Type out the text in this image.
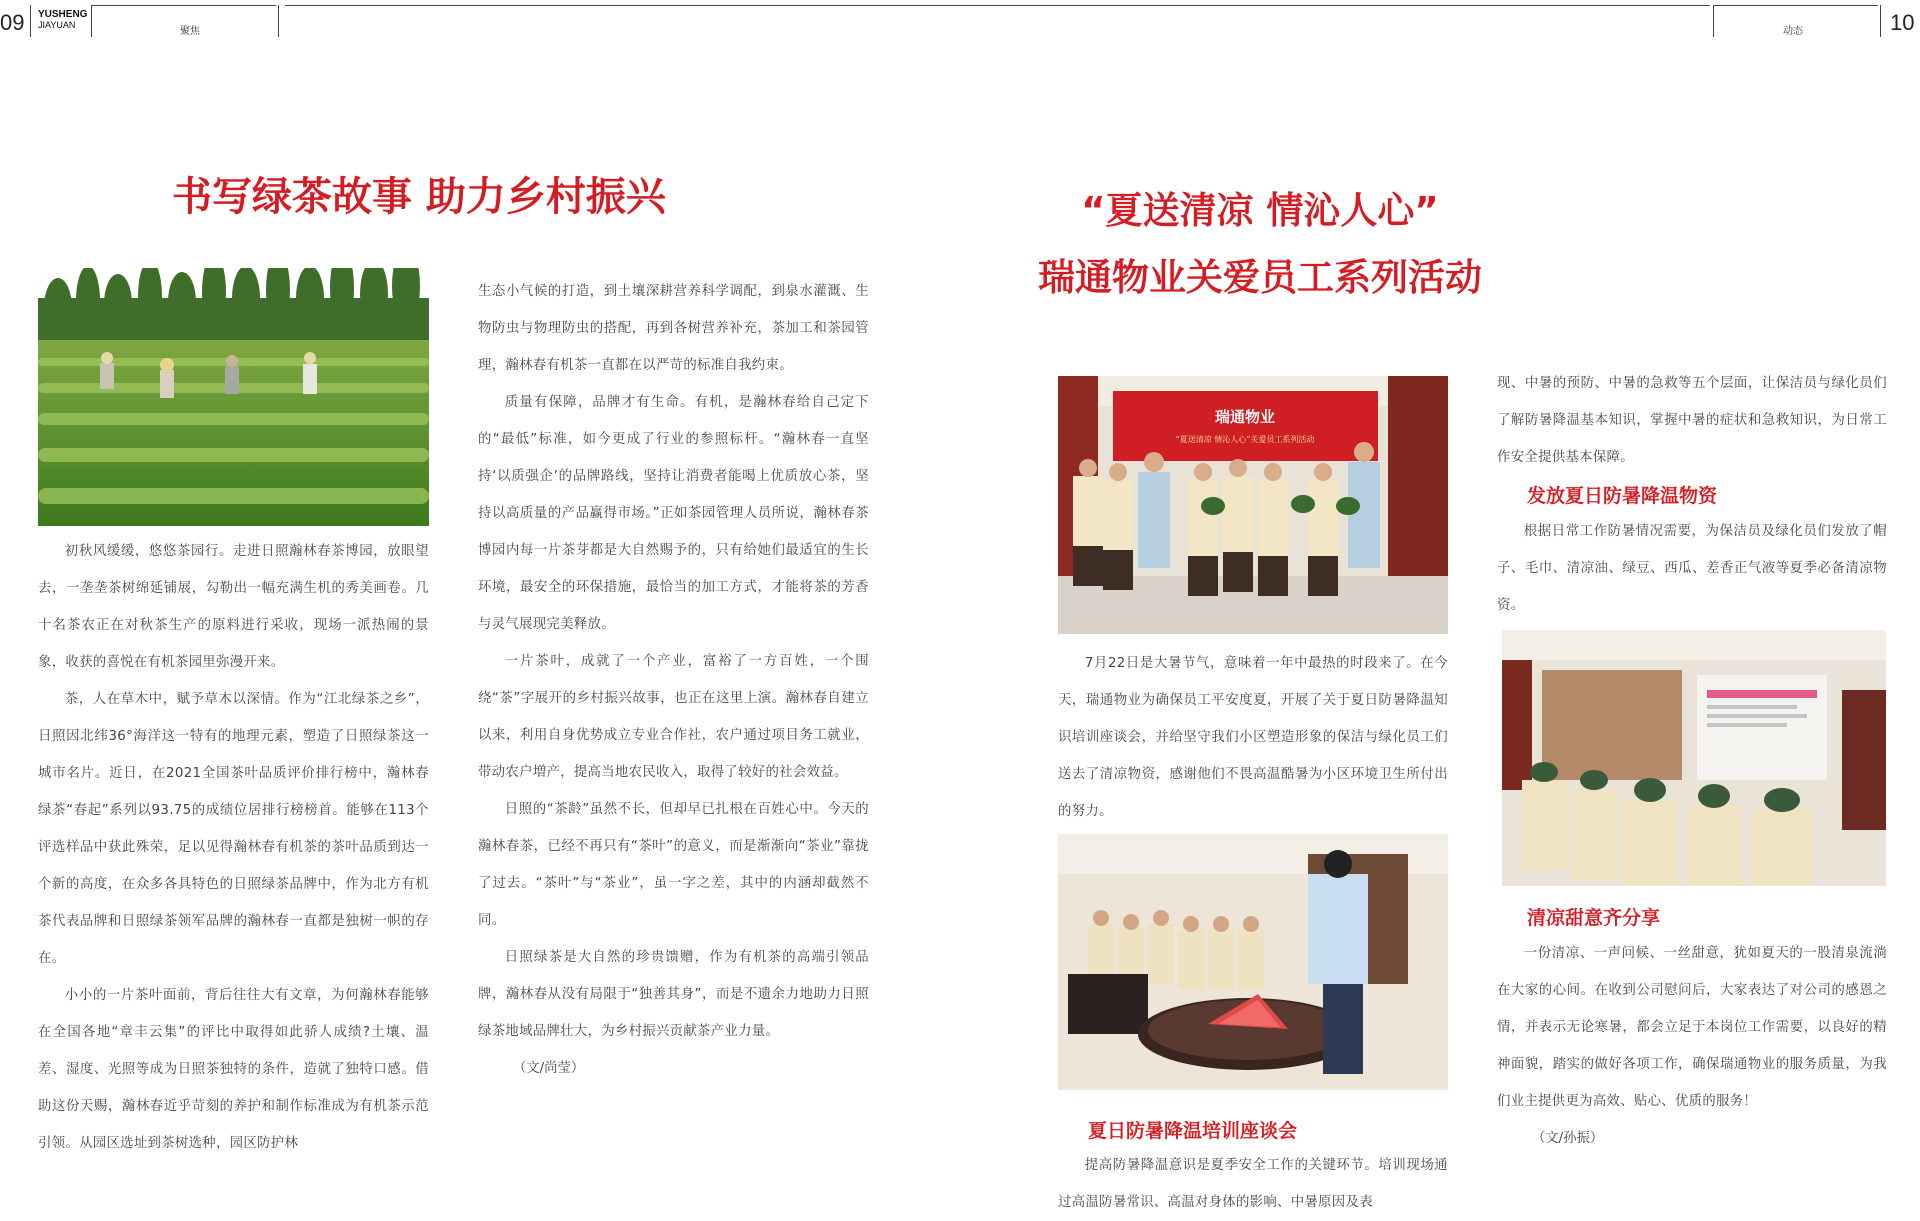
09 YUSHENG
JIAYUAN
聚焦	动态	10
书写绿茶故事 助力乡村振兴

初秋风缓缓，悠悠茶园行。走进日照瀚林春茶博园，放眼望去，一垄垄茶树绵延铺展，勾勒出一幅充满生机的秀美画卷。几十名茶农正在对秋茶生产的原料进行采收，现场一派热闹的景象，收获的喜悦在有机茶园里弥漫开来。

茶，人在草木中，赋予草木以深情。作为“江北绿茶之乡”，日照因北纬36°海洋这一特有的地理元素，塑造了日照绿茶这一城市名片。近日，在2021全国茶叶品质评价排行榜中，瀚林春绿茶“春起”系列以93.75的成绩位居排行榜榜首。能够在113个评选样品中获此殊荣，足以见得瀚林春有机茶的茶叶品质到达一个新的高度，在众多各具特色的日照绿茶品牌中，作为北方有机茶代表品牌和日照绿茶领军品牌的瀚林春一直都是独树一帜的存在。

小小的一片茶叶面前，背后往往大有文章，为何瀚林春能够在全国各地“章丰云集”的评比中取得如此骄人成绩?土壤、温差、湿度、光照等成为日照茶独特的条件，造就了独特口感。借助这份天赐，瀚林春近乎苛刻的养护和制作标准成为有机茶示范引领。从园区选址到茶树选种，园区防护林

生态小气候的打造，到土壤深耕营养科学调配，到泉水灌溉、生物防虫与物理防虫的搭配，再到各树营养补充，茶加工和茶园管理，瀚林春有机茶一直都在以严苛的标准自我约束。

质量有保障，品牌才有生命。有机，是瀚林春给自己定下的“最低”标准，如今更成了行业的参照标杆。“瀚林春一直坚持‘以质强企’的品牌路线，坚持让消费者能喝上优质放心茶，坚持以高质量的产品赢得市场。”正如茶园管理人员所说，瀚林春茶博园内每一片茶芽都是大自然赐予的，只有给她们最适宜的生长环境，最安全的环保措施，最恰当的加工方式，才能将茶的芳香与灵气展现完美释放。

一片茶叶，成就了一个产业，富裕了一方百姓，一个围绕“茶”字展开的乡村振兴故事，也正在这里上演。瀚林春自建立以来，利用自身优势成立专业合作社，农户通过项目务工就业，带动农户増产，提高当地农民收入，取得了较好的社会效益。

日照的“茶龄”虽然不长，但却早已扎根在百姓心中。今天的瀚林春茶，已经不再只有“茶叶”的意义，而是渐渐向“茶业”靠拢了过去。“茶叶”与“茶业”，虽一字之差，其中的内涵却截然不同。

日照绿茶是大自然的珍贵馈赠，作为有机茶的高端引领品牌，瀚林春从没有局限于“独善其身”，而是不遗余力地助力日照绿茶地域品牌壮大，为乡村振兴贡献茶产业力量。

（文/尚莹）

“夏送清凉 情沁人心”
瑞通物业关爱员工系列活动
瑞通物业
“夏送清凉 情沁人心”关爱员工系列活动

7月22日是大暑节气，意味着一年中最热的时段来了。在今天，瑞通物业为确保员工平安度夏，开展了关于夏日防暑降温知识培训座谈会，并给坚守我们小区塑造形象的保洁与绿化员工们送去了清凉物资，感谢他们不畏高温酷暑为小区环境卫生所付出的努力。

夏日防暑降温培训座谈会

提高防暑降温意识是夏季安全工作的关键环节。培训现场通过高温防暑常识、高温对身体的影响、中暑原因及表

现、中暑的预防、中暑的急救等五个层面，让保洁员与绿化员们了解防暑降温基本知识，掌握中暑的症状和急救知识，为日常工作安全提供基本保障。

发放夏日防暑降温物资

根据日常工作防暑情况需要，为保洁员及绿化员们发放了帽子、毛巾、清凉油、绿豆、西瓜、差香正气液等夏季必备清凉物资。

清凉甜意齐分享

一份清凉、一声问候、一丝甜意，犹如夏天的一股清泉流淌在大家的心间。在收到公司慰问后，大家表达了对公司的感恩之情，并表示无论寒暑，都会立足于本岗位工作需要，以良好的精神面貌，踏实的做好各项工作，确保瑞通物业的服务质量，为我们业主提供更为高效、贴心、优质的服务！

（文/孙振）
